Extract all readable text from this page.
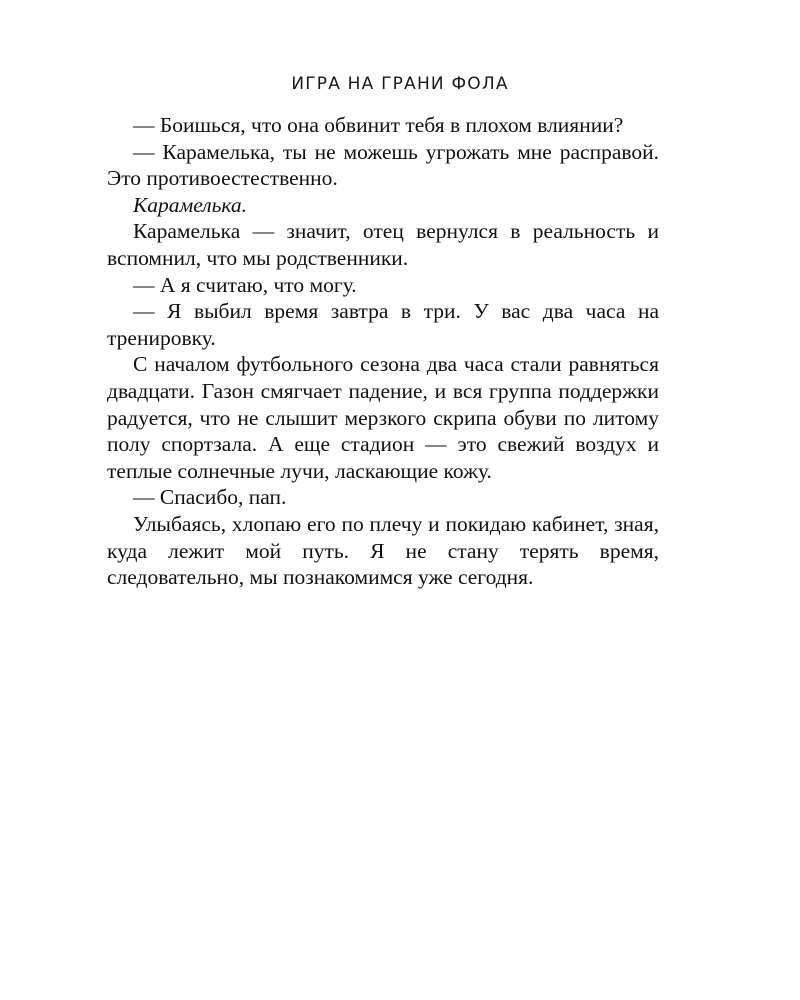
ИГРА НА ГРАНИ ФОЛА

— Боишься, что она обвинит тебя в плохом влиянии?

— Карамелька, ты не можешь угрожать мне расправой. Это противоестественно.

Карамелька.

Карамелька — значит, отец вернулся в реальность и вспомнил, что мы родственники.

— А я считаю, что могу.

— Я выбил время завтра в три. У вас два часа на тренировку.

С началом футбольного сезона два часа стали равняться двадцати. Газон смягчает падение, и вся группа поддержки радуется, что не слышит мерзкого скрипа обуви по литому полу спортзала. А еще стадион — это свежий воздух и теплые солнечные лучи, ласкающие кожу.

— Спасибо, пап.

Улыбаясь, хлопаю его по плечу и покидаю кабинет, зная, куда лежит мой путь. Я не стану терять время, следовательно, мы познакомимся уже сегодня.
